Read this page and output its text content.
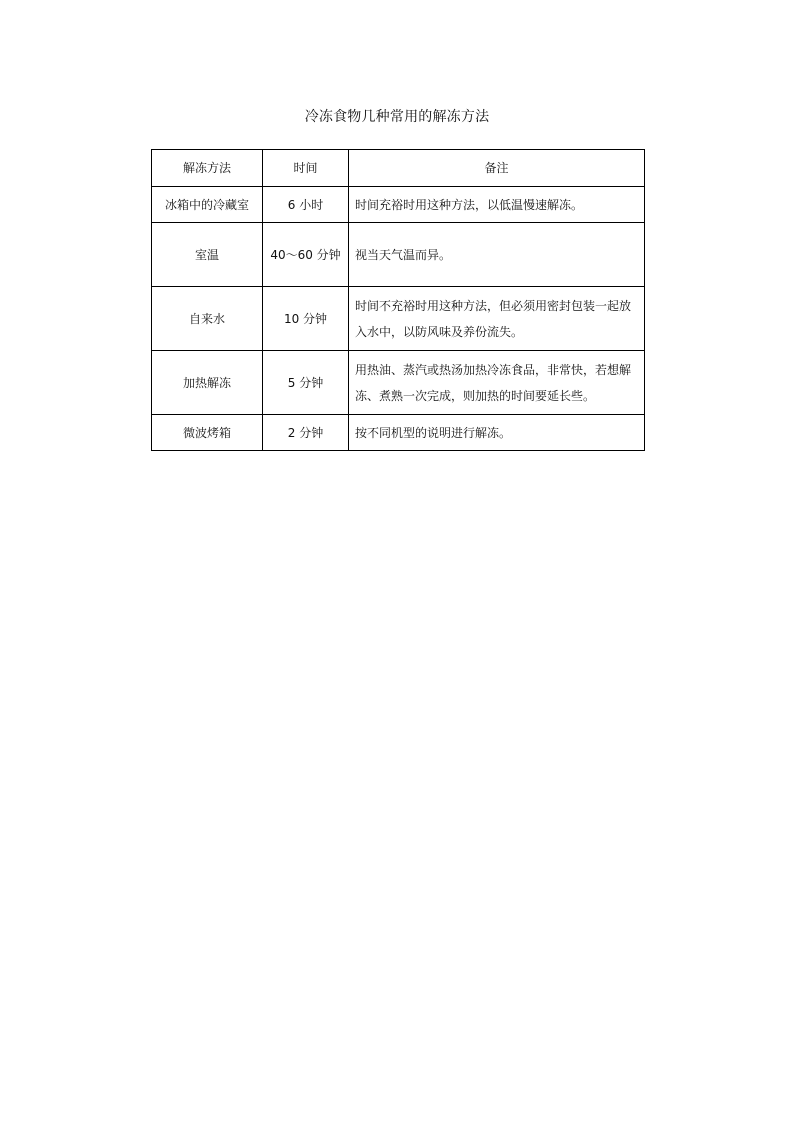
冷冻食物几种常用的解冻方法
解冻方法	时间	备注
冰箱中的冷藏室	6 小时	时间充裕时用这种方法，以低温慢速解冻。
室温	40～60 分钟	视当天气温而异。
自来水	10 分钟	时间不充裕时用这种方法，但必须用密封包装一起放入水中，以防风味及养份流失。
加热解冻	5 分钟	用热油、蒸汽或热汤加热冷冻食品，非常快，若想解冻、煮熟一次完成，则加热的时间要延长些。
微波烤箱	2 分钟	按不同机型的说明进行解冻。
